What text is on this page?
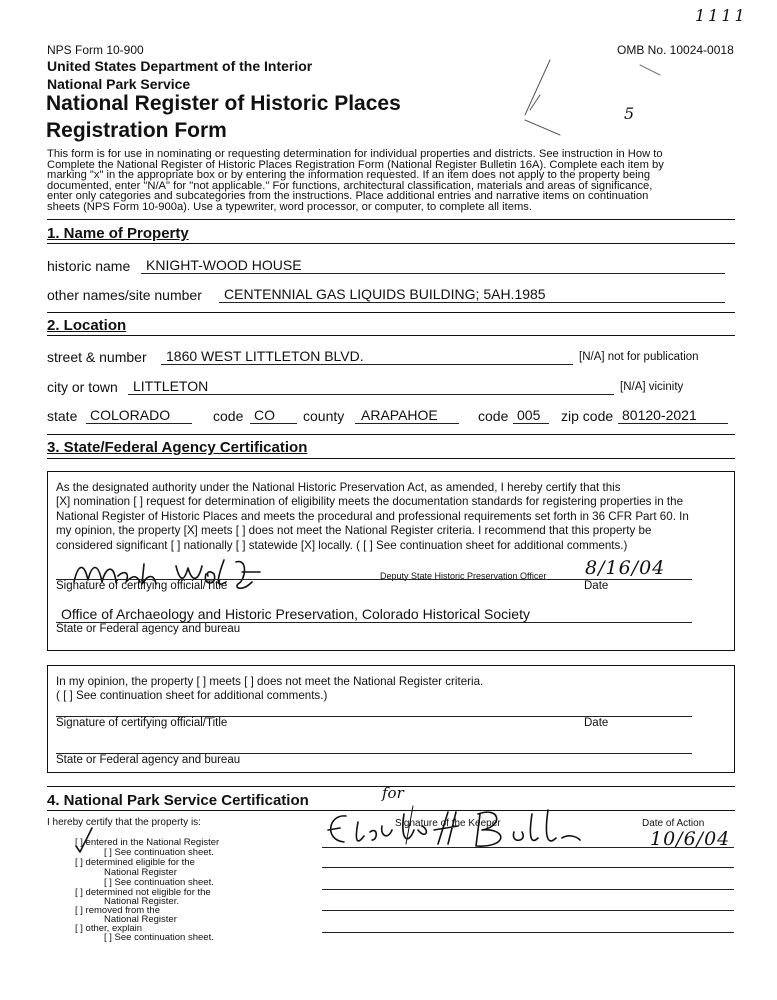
NPS Form 10-900	OMB No. 10024-0018
United States Department of the Interior
National Park Service
National Register of Historic Places
Registration Form
This form is for use in nominating or requesting determination for individual properties and districts. See instruction in How to
Complete the National Register of Historic Places Registration Form (National Register Bulletin 16A). Complete each item by
marking "x" in the appropriate box or by entering the information requested. If an item does not apply to the property being
documented, enter "N/A" for "not applicable." For functions, architectural classification, materials and areas of significance,
enter only categories and subcategories from the instructions. Place additional entries and narrative items on continuation
sheets (NPS Form 10-900a). Use a typewriter, word processor, or computer, to complete all items.
1111
5
1. Name of Property
historic name KNIGHT-WOOD HOUSE
other names/site number CENTENNIAL GAS LIQUIDS BUILDING; 5AH.1985
2. Location
street & number 1860 WEST LITTLETON BLVD.	[N/A] not for publication
city or town LITTLETON	[N/A] vicinity
state COLORADO	code CO county ARAPAHOE	code 005 zip code 80120-2021
3. State/Federal Agency Certification
As the designated authority under the National Historic Preservation Act, as amended, I hereby certify that this
[X] nomination [ ] request for determination of eligibility meets the documentation standards for registering properties in the
National Register of Historic Places and meets the procedural and professional requirements set forth in 36 CFR Part 60. In
my opinion, the property [X] meets [ ] does not meet the National Register criteria. I recommend that this property be
considered significant [ ] nationally [ ] statewide [X] locally. ( [ ] See continuation sheet for additional comments.)
Signature of certifying official/Title
Deputy State Historic Preservation Officer 8/16/04
Date
Office of Archaeology and Historic Preservation, Colorado Historical Society
State or Federal agency and bureau
In my opinion, the property [ ] meets [ ] does not meet the National Register criteria.
( [ ] See continuation sheet for additional comments.)
Signature of certifying official/Title	Date
State or Federal agency and bureau
4. National Park Service Certification
I hereby certify that the property is:	Signature of the Keeper	Date of Action
for
10/6/04
[ ] entered in the National Register
[ ] See continuation sheet.
[ ] determined eligible for the
National Register
[ ] See continuation sheet.
[ ] determined not eligible for the
National Register.
[ ] removed from the
National Register
[ ] other, explain
[ ] See continuation sheet.
